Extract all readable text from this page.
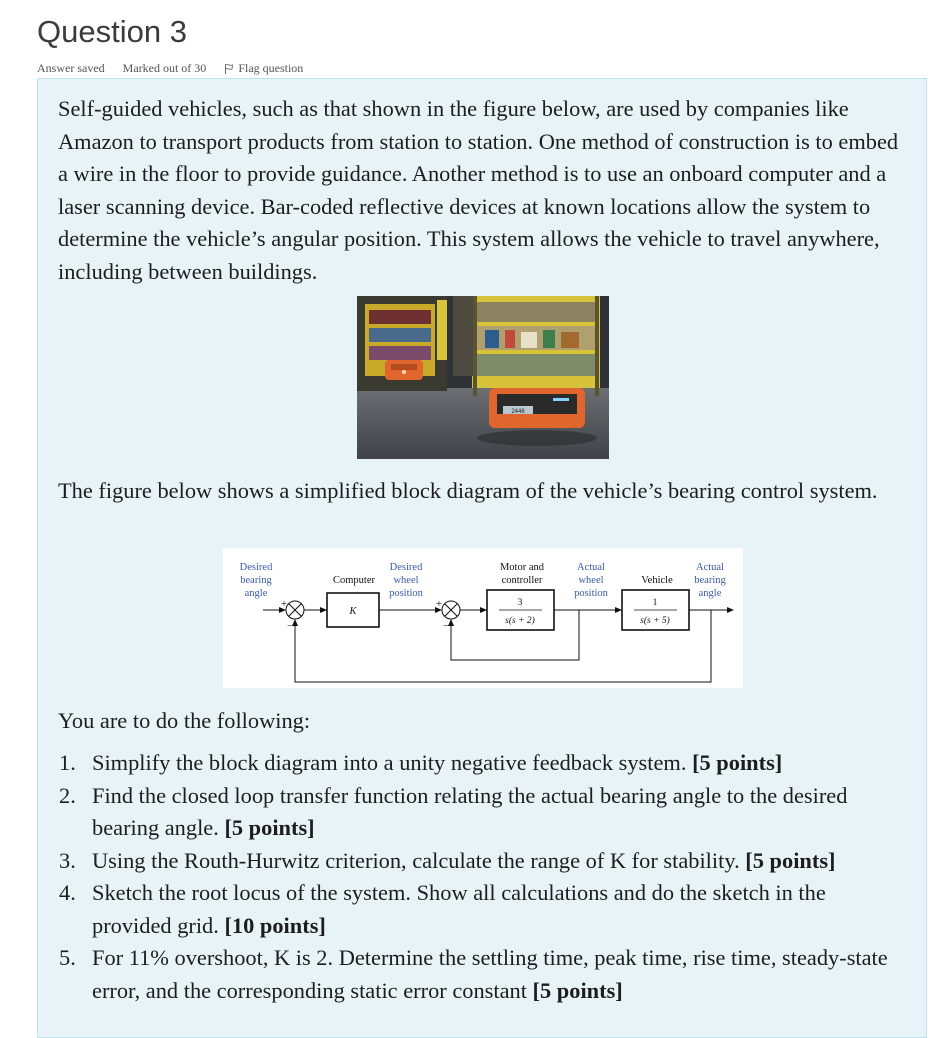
Question 3
Answer saved Marked out of 30	Flag question

Self-guided vehicles, such as that shown in the figure below, are used by companies like Amazon to transport products from station to station. One method of construction is to embed a wire in the floor to provide guidance. Another method is to use an onboard computer and a laser scanning device. Bar-coded reflective devices at known locations allow the system to determine the vehicle’s angular position. This system allows the vehicle to travel anywhere, including between buildings.

2446

The figure below shows a simplified block diagram of the vehicle’s bearing control system.

Desired
bearing
angle
Computer
Desired
wheel
position
Motor and
controller
Actual
wheel
position
Vehicle
Actual
bearing
angle
+
−
K
+
−
3
s(s + 2)
1
s(s + 5)

You are to do the following:

1. Simplify the block diagram into a unity negative feedback system. [5 points]
2. Find the closed loop transfer function relating the actual bearing angle to the desired bearing angle. [5 points]
3. Using the Routh-Hurwitz criterion, calculate the range of K for stability. [5 points]
4. Sketch the root locus of the system. Show all calculations and do the sketch in the provided grid. [10 points]
5. For 11% overshoot, K is 2. Determine the settling time, peak time, rise time, steady-state error, and the corresponding static error constant [5 points]
